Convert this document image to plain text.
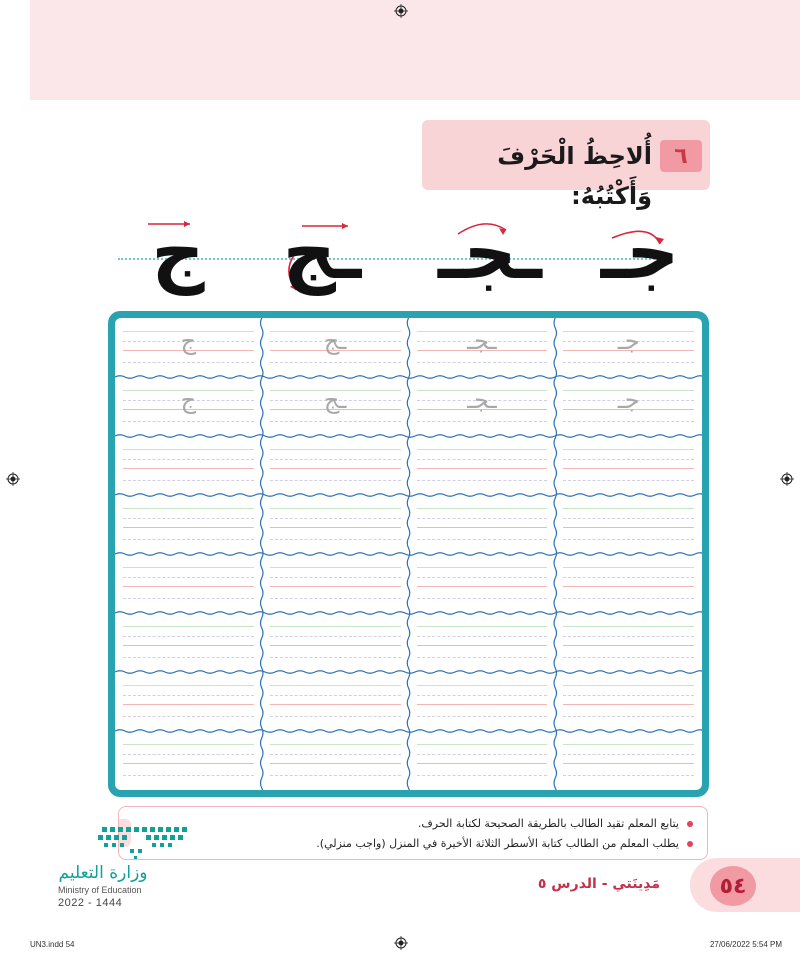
٦
أُلاحِظُ الْحَرْفَ وَأَكْتُبُهُ:
جـ
ـجـ
ـج
ج
ج	ـج	ـجـ	جـ
ج	ـج	ـجـ	جـ
يتابع المعلم تقيد الطالب بالطريقة الصحيحة لكتابة الحرف.
يطلب المعلم من الطالب كتابة الأسطر الثلاثة الأخيرة في المنزل (واجب منزلي).
وزارة التعليم
Ministry of Education
2022 - 1444
٥٤
مَدِينَتي - الدرس ٥
UN3.indd 54	27/06/2022 5:54 PM
